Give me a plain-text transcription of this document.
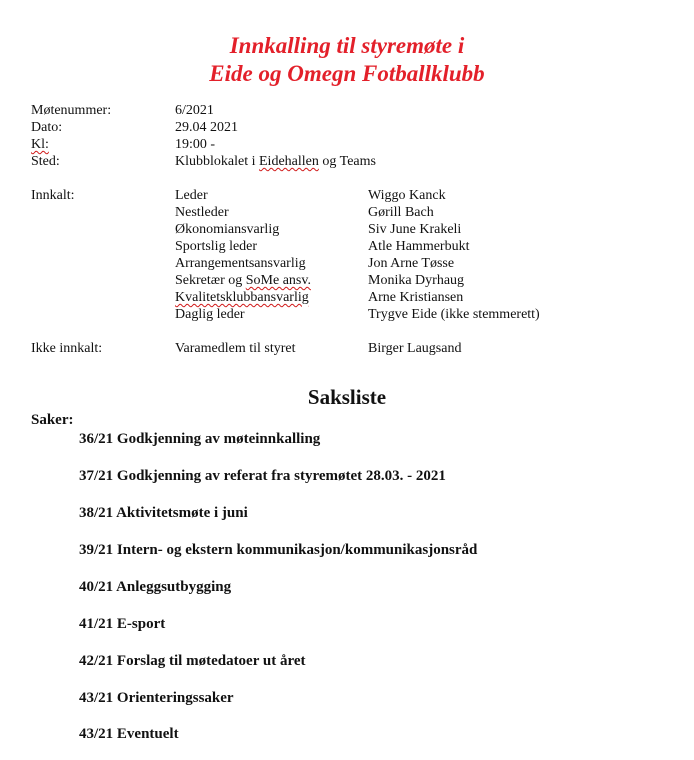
Innkalling til styremøte i
Eide og Omegn Fotballklubb
Møtenummer:	6/2021
Dato:	29.04 2021
Kl:	19:00 -
Sted:	Klubblokalet i Eidehallen og Teams
Innkalt:	Leder	Wiggo Kanck
Nestleder	Gørill Bach
Økonomiansvarlig	Siv June Krakeli
Sportslig leder	Atle Hammerbukt
Arrangementsansvarlig	Jon Arne Tøsse
Sekretær og SoMe ansv.	Monika Dyrhaug
Kvalitetsklubbansvarlig	Arne Kristiansen
Daglig leder	Trygve Eide (ikke stemmerett)
Ikke innkalt:	Varamedlem til styret	Birger Laugsand
Saksliste
Saker:
36/21 Godkjenning av møteinnkalling
37/21 Godkjenning av referat fra styremøtet 28.03. - 2021
38/21 Aktivitetsmøte i juni
39/21 Intern- og ekstern kommunikasjon/kommunikasjonsråd
40/21 Anleggsutbygging
41/21 E-sport
42/21 Forslag til møtedatoer ut året
43/21 Orienteringssaker
43/21 Eventuelt
